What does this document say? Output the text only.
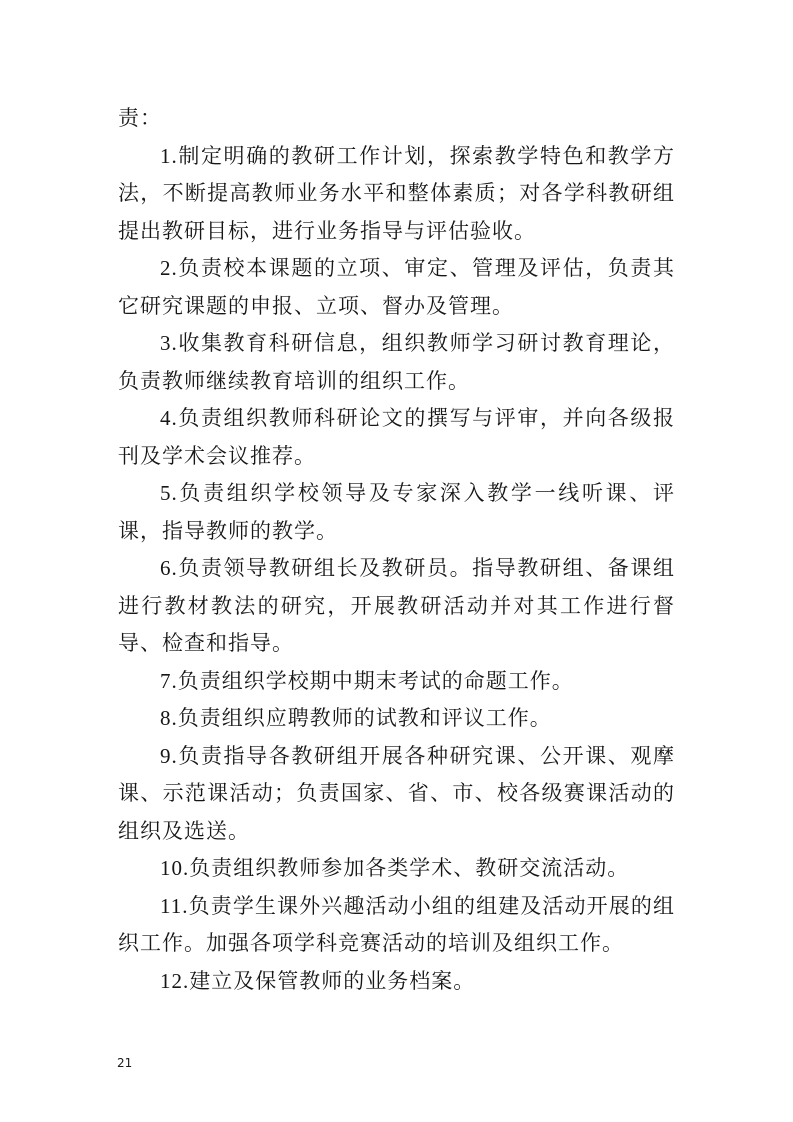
责：

1.制定明确的教研工作计划，探索教学特色和教学方法，不断提高教师业务水平和整体素质；对各学科教研组提出教研目标，进行业务指导与评估验收。

2.负责校本课题的立项、审定、管理及评估，负责其它研究课题的申报、立项、督办及管理。

3.收集教育科研信息，组织教师学习研讨教育理论，负责教师继续教育培训的组织工作。

4.负责组织教师科研论文的撰写与评审，并向各级报刊及学术会议推荐。

5.负责组织学校领导及专家深入教学一线听课、评课，指导教师的教学。

6.负责领导教研组长及教研员。指导教研组、备课组进行教材教法的研究，开展教研活动并对其工作进行督导、检查和指导。

7.负责组织学校期中期末考试的命题工作。

8.负责组织应聘教师的试教和评议工作。

9.负责指导各教研组开展各种研究课、公开课、观摩课、示范课活动；负责国家、省、市、校各级赛课活动的组织及选送。

10.负责组织教师参加各类学术、教研交流活动。

11.负责学生课外兴趣活动小组的组建及活动开展的组织工作。加强各项学科竞赛活动的培训及组织工作。

12.建立及保管教师的业务档案。

21
